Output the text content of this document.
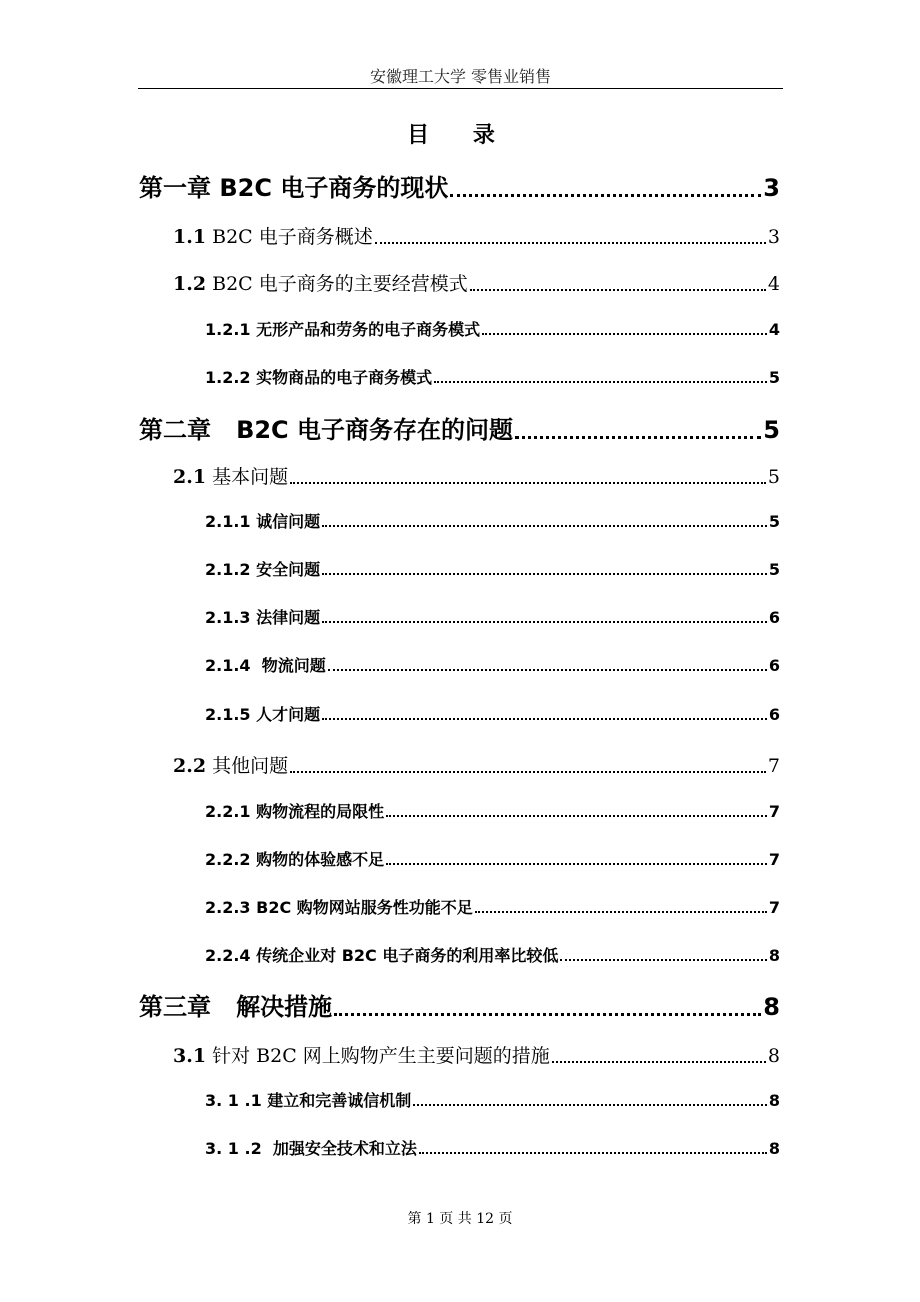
安徽理工大学 零售业销售
目 录
第一章 B2C 电子商务的现状	3
1.1 B2C 电子商务概述	3
1.2 B2C 电子商务的主要经营模式	4
1.2.1 无形产品和劳务的电子商务模式	4
1.2.2 实物商品的电子商务模式	5
第二章   B2C 电子商务存在的问题	5
2.1 基本问题	5
2.1.1 诚信问题	5
2.1.2 安全问题	5
2.1.3 法律问题	6
2.1.4  物流问题	6
2.1.5 人才问题	6
2.2 其他问题	7
2.2.1 购物流程的局限性	7
2.2.2 购物的体验感不足	7
2.2.3 B2C 购物网站服务性功能不足	7
2.2.4 传统企业对 B2C 电子商务的利用率比较低	8
第三章   解决措施	8
3.1 针对 B2C 网上购物产生主要问题的措施	8
3. 1 .1 建立和完善诚信机制	8
3. 1 .2  加强安全技术和立法	8
第 1 页 共 12 页
